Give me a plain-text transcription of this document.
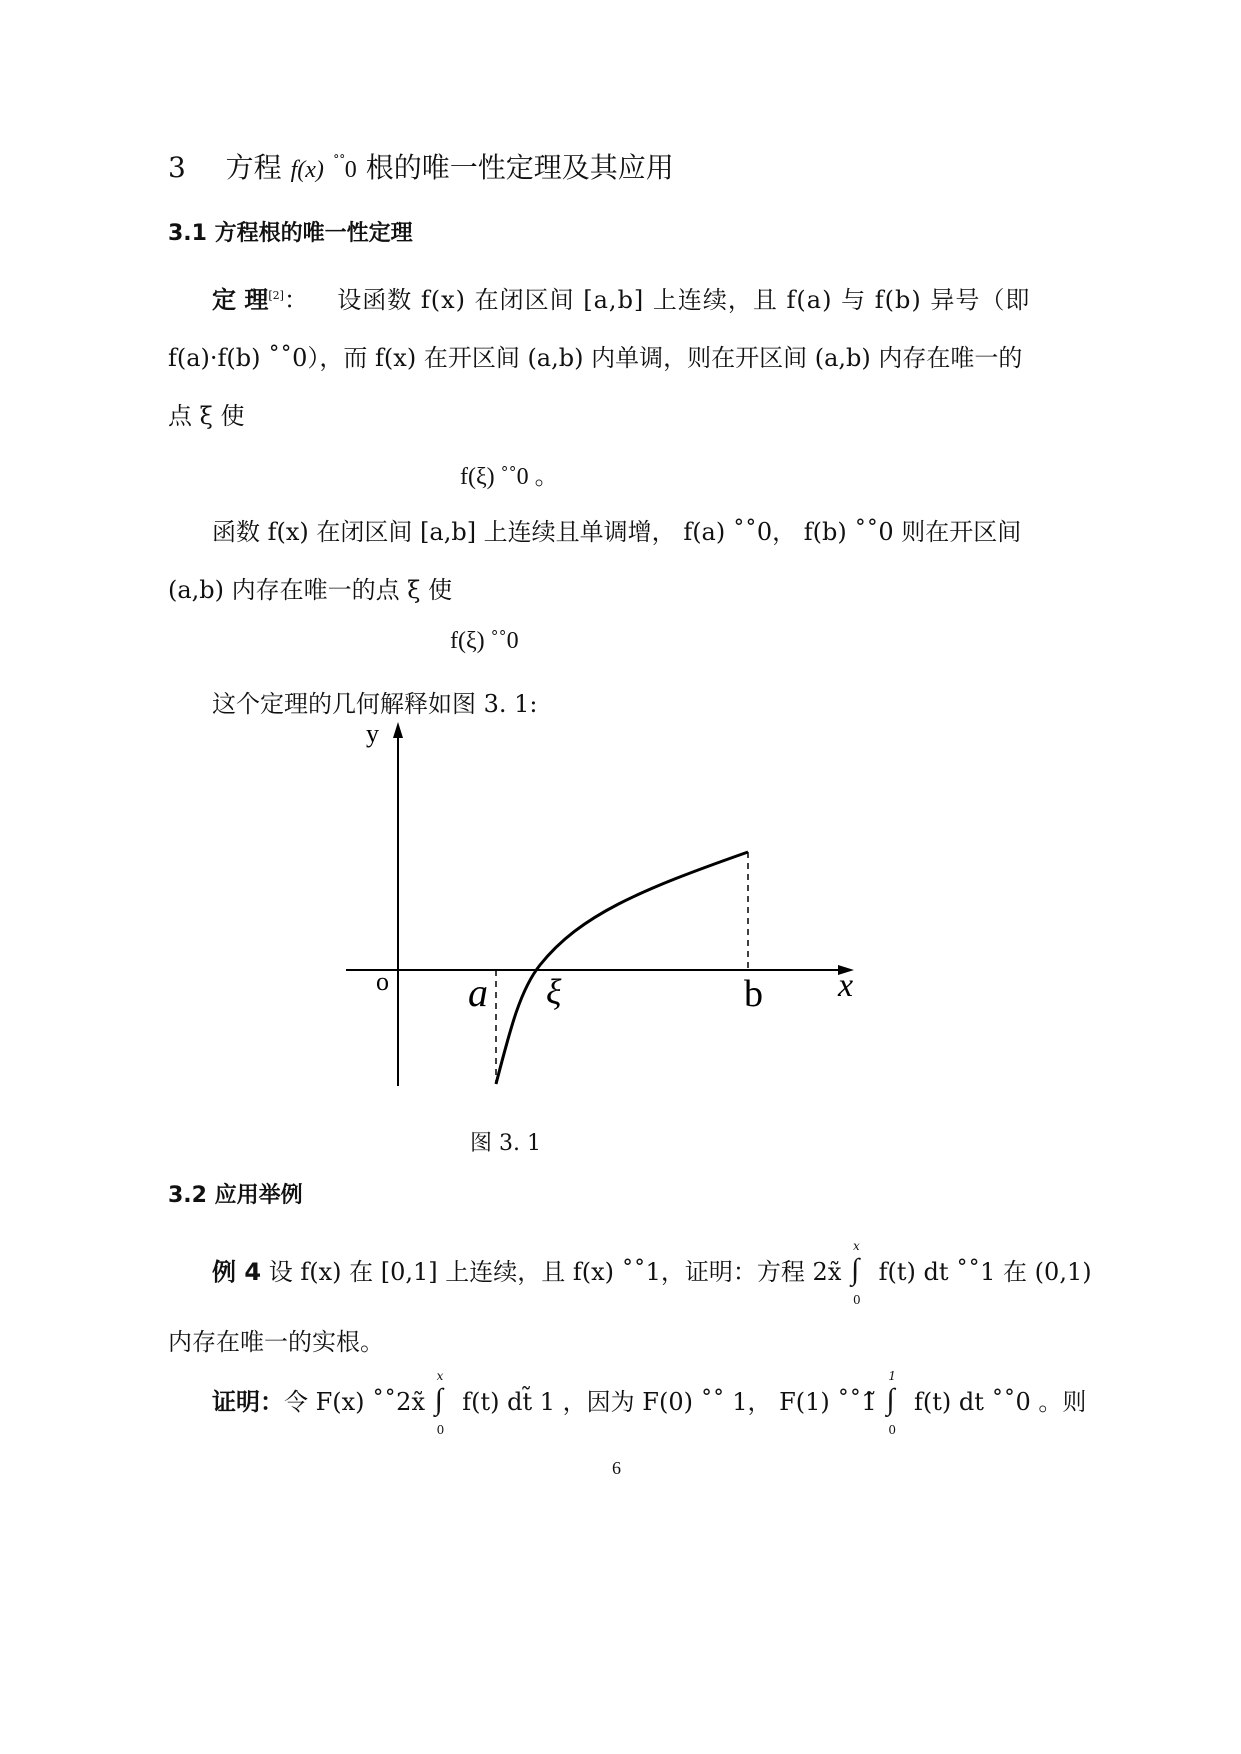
3 方程 f(x) ˚˚0 根的唯一性定理及其应用
3.1 方程根的唯一性定理
定 理[2]： 设函数 f(x) 在闭区间 [a,b] 上连续，且 f(a) 与 f(b) 异号（即
f(a)·f(b) ˚˚0），而 f(x) 在开区间 (a,b) 内单调，则在开区间 (a,b) 内存在唯一的
点 ξ 使
f(ξ) ˚˚0 。
函数 f(x) 在闭区间 [a,b] 上连续且单调增， f(a) ˚˚0， f(b) ˚˚0 则在开区间
(a,b) 内存在唯一的点 ξ 使
f(ξ) ˚˚0
这个定理的几何解释如图 3. 1:
y
x
o a ξ	b
图 3. 1
3.2 应用举例
例 4 设 f(x) 在 [0,1] 上连续，且 f(x) ˚˚1，证明：方程 2x̃ ∫
x
0
f(t) dt ˚˚1 在 (0,1)
内存在唯一的实根。
证明：令 F(x) ˚˚2x̃ ∫
x
0
f(t) dt̃ 1 ，因为 F(0) ˚˚ 1， F(1) ˚˚1̃ ∫
1
0
f(t) dt ˚˚0 。则
6
